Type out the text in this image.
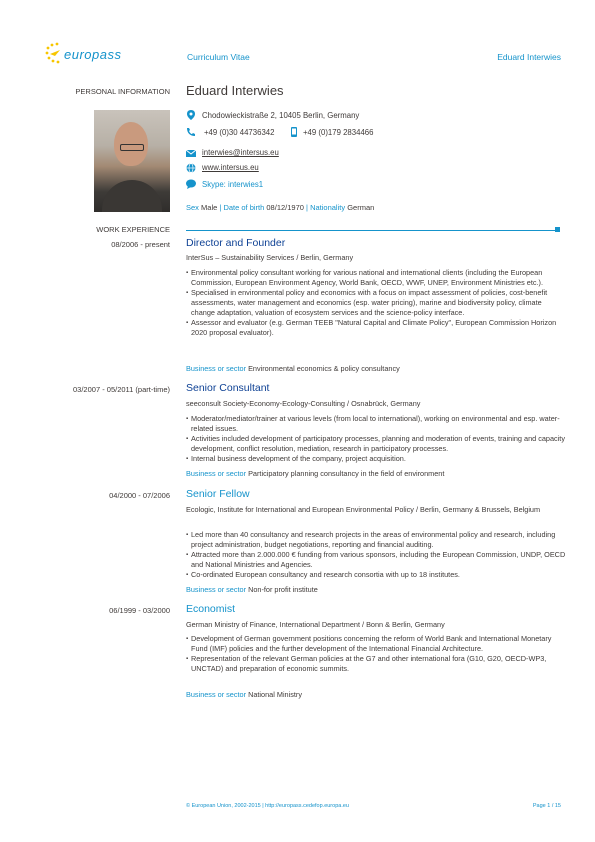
europass	Curriculum Vitae	Eduard Interwies
PERSONAL INFORMATION Eduard Interwies
Chodowieckistraße 2, 10405 Berlin, Germany
+49 (0)30 44736342	+49 (0)179 2834466
interwies@intersus.eu
www.intersus.eu
Skype: interwies1
Sex Male | Date of birth 08/12/1970 | Nationality German
WORK EXPERIENCE
08/2006 - present Director and Founder
InterSus – Sustainability Services / Berlin, Germany
▪ Environmental policy consultant working for various national and international clients (including the European Commission, European Environment Agency, World Bank, OECD, WWF, UNEP, Environment Ministries etc.).
▪ Specialised in environmental policy and economics with a focus on impact assessment of policies, cost-benefit assessments, water management and economics (esp. water pricing), marine and biodiversity policy, climate change adaptation, valuation of ecosystem services and the science-policy interface.
▪ Assessor and evaluator (e.g. German TEEB "Natural Capital and Climate Policy", European Commission Horizon 2020 proposal evaluator).
Business or sector Environmental economics & policy consultancy
03/2007 - 05/2011 (part-time) Senior Consultant
seeconsult Society-Economy-Ecology-Consulting / Osnabrück, Germany
▪ Moderator/mediator/trainer at various levels (from local to international), working on environmental and esp. water-related issues.
▪ Activities included development of participatory processes, planning and moderation of events, training and capacity development, conflict resolution, mediation, research in participatory processes.
▪ Internal business development of the company, project acquisition.
Business or sector Participatory planning consultancy in the field of environment
04/2000 - 07/2006 Senior Fellow
Ecologic, Institute for International and European Environmental Policy / Berlin, Germany & Brussels, Belgium
▪ Led more than 40 consultancy and research projects in the areas of environmental policy and research, including project administration, budget negotiations, reporting and financial auditing.
▪ Attracted more than 2.000.000 € funding from various sponsors, including the European Commission, UNDP, OECD and National Ministries and Agencies.
▪ Co-ordinated European consultancy and research consortia with up to 18 institutes.
Business or sector Non-for profit institute
06/1999 - 03/2000 Economist
German Ministry of Finance, International Department / Bonn & Berlin, Germany
▪ Development of German government positions concerning the reform of World Bank and International Monetary Fund (IMF) policies and the further development of the International Financial Architecture.
▪ Representation of the relevant German policies at the G7 and other international fora (G10, G20, OECD-WP3, UNCTAD) and preparation of economic summits.
Business or sector National Ministry
© European Union, 2002-2015 | http://europass.cedefop.europa.eu	Page 1 / 15
